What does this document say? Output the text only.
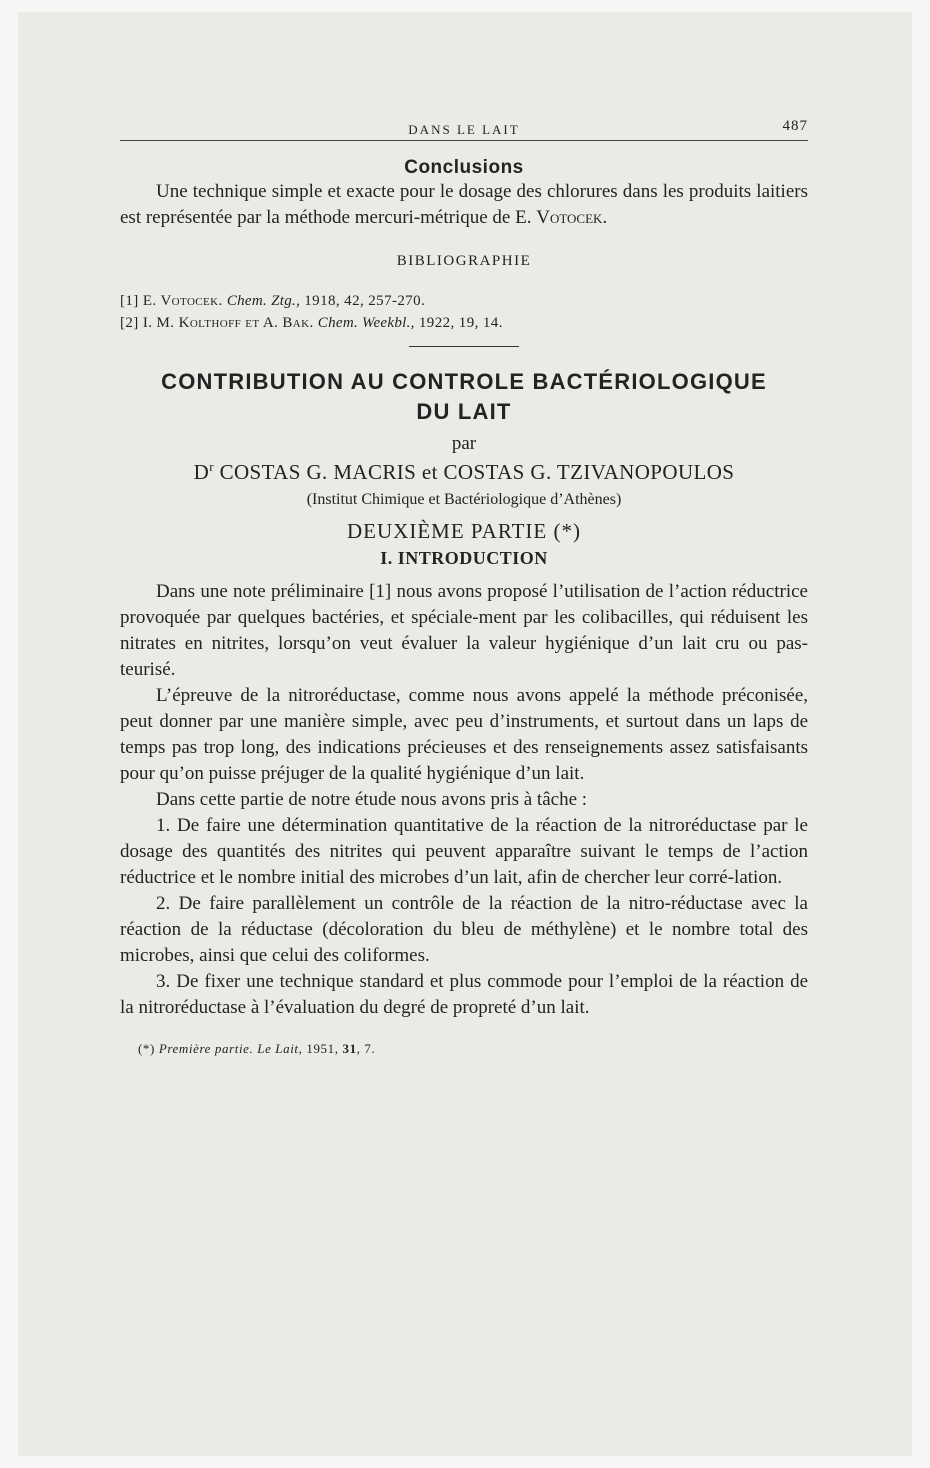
DANS LE LAIT	487
Conclusions

Une technique simple et exacte pour le dosage des chlorures dans les produits laitiers est représentée par la méthode mercuri-métrique de E. Votocek.

BIBLIOGRAPHIE
[1] E. Votocek. Chem. Ztg., 1918, 42, 257-270.
[2] I. M. Kolthoff et A. Bak. Chem. Weekbl., 1922, 19, 14.
CONTRIBUTION AU CONTROLE BACTÉRIOLOGIQUE
DU LAIT
par
$D^r$ COSTAS G. MACRIS et COSTAS G. TZIVANOPOULOS
(Institut Chimique et Bactériologique d’Athènes)
DEUXIÈME PARTIE (*)
I. INTRODUCTION

Dans une note préliminaire [1] nous avons proposé l’utilisation de l’action réductrice provoquée par quelques bactéries, et spéciale-ment par les colibacilles, qui réduisent les nitrates en nitrites, lorsqu’on veut évaluer la valeur hygiénique d’un lait cru ou pas-teurisé.

L’épreuve de la nitroréductase, comme nous avons appelé la méthode préconisée, peut donner par une manière simple, avec peu d’instruments, et surtout dans un laps de temps pas trop long, des indications précieuses et des renseignements assez satisfaisants pour qu’on puisse préjuger de la qualité hygiénique d’un lait.

Dans cette partie de notre étude nous avons pris à tâche :

1. De faire une détermination quantitative de la réaction de la nitroréductase par le dosage des quantités des nitrites qui peuvent apparaître suivant le temps de l’action réductrice et le nombre initial des microbes d’un lait, afin de chercher leur corré-lation.

2. De faire parallèlement un contrôle de la réaction de la nitro-réductase avec la réaction de la réductase (décoloration du bleu de méthylène) et le nombre total des microbes, ainsi que celui des coliformes.

3. De fixer une technique standard et plus commode pour l’emploi de la réaction de la nitroréductase à l’évaluation du degré de propreté d’un lait.

(*) Première partie. Le Lait, 1951, 31, 7.
